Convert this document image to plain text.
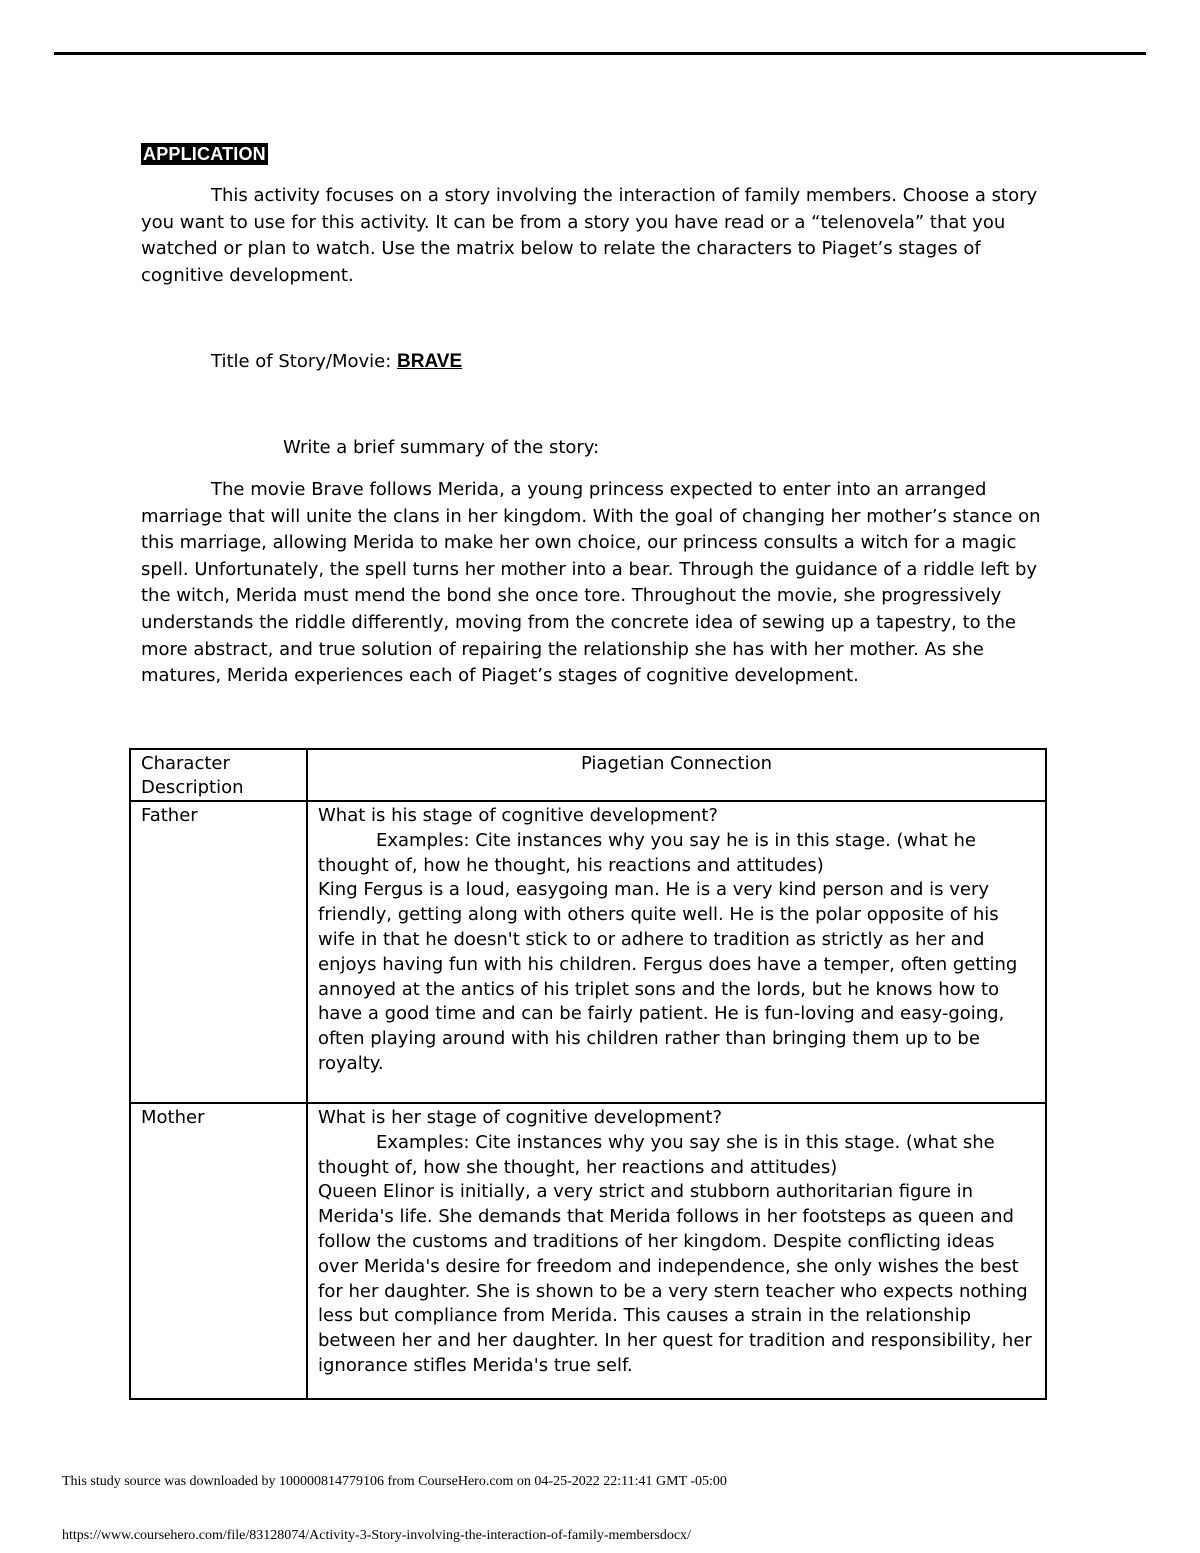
APPLICATION

This activity focuses on a story involving the interaction of family members. Choose a story you want to use for this activity. It can be from a story you have read or a “telenovela” that you watched or plan to watch. Use the matrix below to relate the characters to Piaget’s stages of cognitive development.

Title of Story/Movie: BRAVE
Write a brief summary of the story:

The movie Brave follows Merida, a young princess expected to enter into an arranged marriage that will unite the clans in her kingdom. With the goal of changing her mother’s stance on this marriage, allowing Merida to make her own choice, our princess consults a witch for a magic spell. Unfortunately, the spell turns her mother into a bear. Through the guidance of a riddle left by the witch, Merida must mend the bond she once tore. Throughout the movie, she progressively understands the riddle differently, moving from the concrete idea of sewing up a tapestry, to the more abstract, and true solution of repairing the relationship she has with her mother. As she matures, Merida experiences each of Piaget’s stages of cognitive development.

Character Description	Piagetian Connection
Father	What is his stage of cognitive development?
Examples: Cite instances why you say he is in this stage. (what he thought of, how he thought, his reactions and attitudes)
King Fergus is a loud, easygoing man. He is a very kind person and is very friendly, getting along with others quite well. He is the polar opposite of his wife in that he doesn't stick to or adhere to tradition as strictly as her and enjoys having fun with his children. Fergus does have a temper, often getting annoyed at the antics of his triplet sons and the lords, but he knows how to have a good time and can be fairly patient. He is fun-loving and easy-going, often playing around with his children rather than bringing them up to be royalty.

Mother	What is her stage of cognitive development?
Examples: Cite instances why you say she is in this stage. (what she thought of, how she thought, her reactions and attitudes)
Queen Elinor is initially, a very strict and stubborn authoritarian figure in Merida's life. She demands that Merida follows in her footsteps as queen and follow the customs and traditions of her kingdom. Despite conflicting ideas over Merida's desire for freedom and independence, she only wishes the best for her daughter. She is shown to be a very stern teacher who expects nothing less but compliance from Merida. This causes a strain in the relationship between her and her daughter. In her quest for tradition and responsibility, her ignorance stifles Merida's true self.
This study source was downloaded by 100000814779106 from CourseHero.com on 04-25-2022 22:11:41 GMT -05:00
https://www.coursehero.com/file/83128074/Activity-3-Story-involving-the-interaction-of-family-membersdocx/
